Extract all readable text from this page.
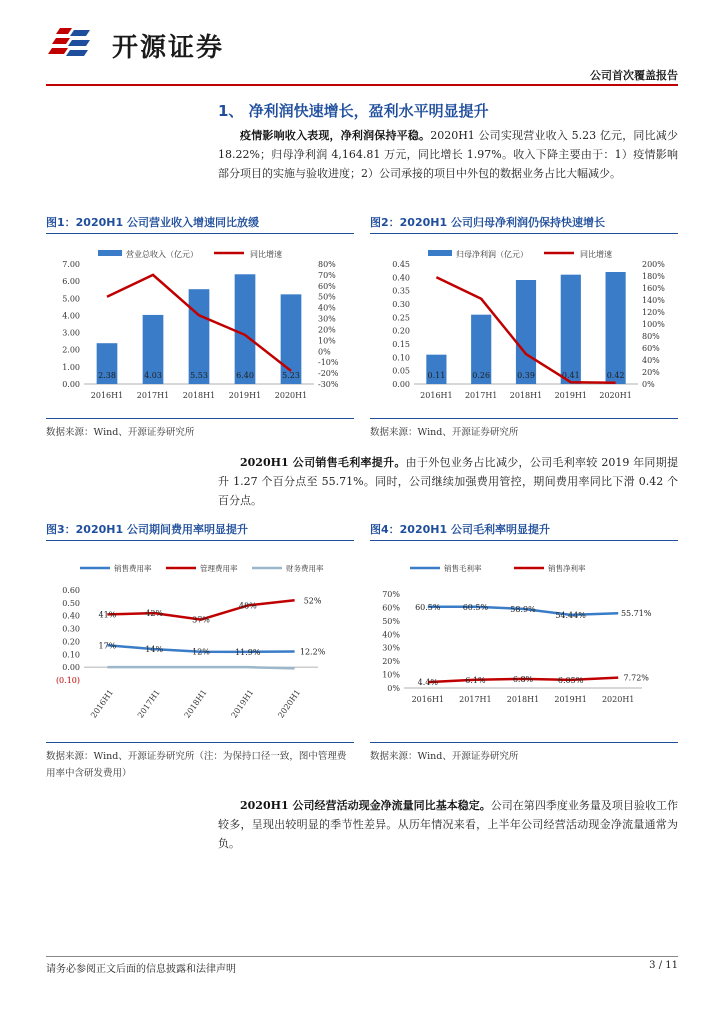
开源证券
公司首次覆盖报告
1、 净利润快速增长，盈利水平明显提升
疫情影响收入表现，净利润保持平稳。2020H1 公司实现营业收入 5.23 亿元，同比减少 18.22%；归母净利润 4,164.81 万元，同比增长 1.97%。收入下降主要由于：1）疫情影响部分项目的实施与验收进度；2）公司承接的项目中外包的数据业务占比大幅减少。
图1：2020H1 公司营业收入增速同比放缓
营业总收入（亿元）	同比增速
0.00
1.00
2.00
3.00
4.00
5.00
6.00
7.00
-30%
-20%
-10%
0%
10%
20%
30%
40%
50%
60%
70%
80%
2.38
2016H1
4.03
2017H1
5.53
2018H1
6.40
2019H1
5.23
2020H1
数据来源：Wind、开源证券研究所
图2：2020H1 公司归母净利润仍保持快速增长
归母净利润（亿元）	同比增速
0.00
0.05
0.10
0.15
0.20
0.25
0.30
0.35
0.40
0.45
0%
20%
40%
60%
80%
100%
120%
140%
160%
180%
200%
0.11
2016H1
0.26
2017H1
0.39
2018H1
0.41
2019H1
0.42
2020H1
数据来源：Wind、开源证券研究所
2020H1 公司销售毛利率提升。由于外包业务占比减少，公司毛利率较 2019 年同期提升 1.27 个百分点至 55.71%。同时，公司继续加强费用管控，期间费用率同比下滑 0.42 个百分点。
图3：2020H1 公司期间费用率明显提升
销售费用率	管理费用率	财务费用率
(0.10)
0.00
0.10
0.20
0.30
0.40
0.50
0.60
2016H1	2017H1	2018H1	2019H1	2020H1
17%	14%	12%	11.9%	12.2%
41%	42%
37%
48%
52%
数据来源：Wind、开源证券研究所（注：为保持口径一致，图中管理费用率中含研发费用）
图4：2020H1 公司毛利率明显提升
销售毛利率	销售净利率
0%
10%
20%
30%
40%
50%
60%
70%
2016H1 2017H1 2018H1 2019H1 2020H1
60.5%	60.5%	58.9%
54.44%	55.71%
4.4%	6.1%	6.8%	6.05%	7.72%
数据来源：Wind、开源证券研究所
2020H1 公司经营活动现金净流量同比基本稳定。公司在第四季度业务量及项目验收工作较多，呈现出较明显的季节性差异。从历年情况来看，上半年公司经营活动现金净流量通常为负。
请务必参阅正文后面的信息披露和法律声明	3 / 11
